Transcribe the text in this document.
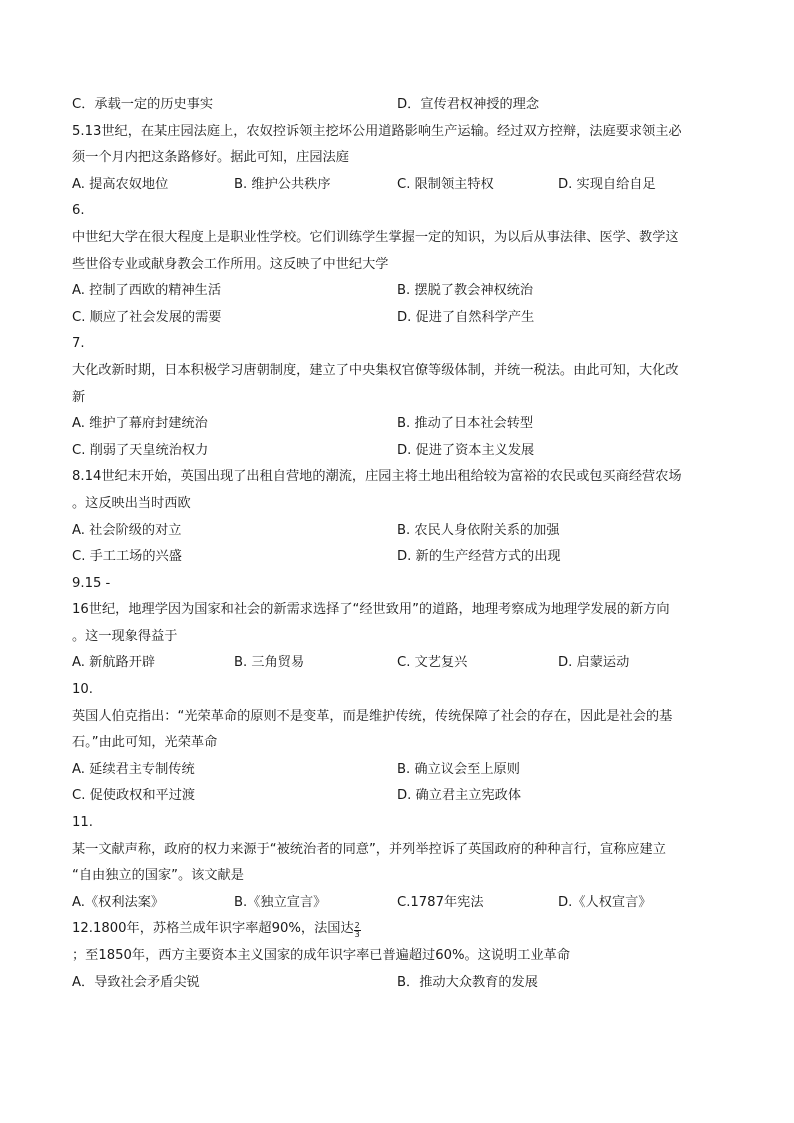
C．承载一定的历史事实	D．宣传君权神授的理念
5.13世纪，在某庄园法庭上，农奴控诉领主挖坏公用道路影响生产运输。经过双方控辩，法庭要求领主必
须一个月内把这条路修好。据此可知，庄园法庭
A. 提高农奴地位	B. 维护公共秩序	C. 限制领主特权	D. 实现自给自足
6.
中世纪大学在很大程度上是职业性学校。它们训练学生掌握一定的知识，为以后从事法律、医学、教学这
些世俗专业或献身教会工作所用。这反映了中世纪大学
A. 控制了西欧的精神生活	B. 摆脱了教会神权统治
C. 顺应了社会发展的需要	D. 促进了自然科学产生
7.
大化改新时期，日本积极学习唐朝制度，建立了中央集权官僚等级体制，并统一税法。由此可知，大化改
新
A. 维护了幕府封建统治	B. 推动了日本社会转型
C. 削弱了天皇统治权力	D. 促进了资本主义发展
8.14世纪末开始，英国出现了出租自营地的潮流，庄园主将土地出租给较为富裕的农民或包买商经营农场
。这反映出当时西欧
A. 社会阶级的对立	B. 农民人身依附关系的加强
C. 手工工场的兴盛	D. 新的生产经营方式的出现
9.15 -
16世纪，地理学因为国家和社会的新需求选择了“经世致用”的道路，地理考察成为地理学发展的新方向
。这一现象得益于
A. 新航路开辟	B. 三角贸易	C. 文艺复兴	D. 启蒙运动
10.
英国人伯克指出：“光荣革命的原则不是变革，而是维护传统，传统保障了社会的存在，因此是社会的基
石。”由此可知，光荣革命
A. 延续君主专制传统	B. 确立议会至上原则
C. 促使政权和平过渡	D. 确立君主立宪政体
11.
某一文献声称，政府的权力来源于“被统治者的同意”，并列举控诉了英国政府的种种言行，宣称应建立
“自由独立的国家”。该文献是
A.《权利法案》	B.《独立宣言》	C.1787年宪法	D.《人权宣言》
12.1800年，苏格兰成年识字率超90%，法国达 $\frac{2}{3}$
；至1850年，西方主要资本主义国家的成年识字率已普遍超过60%。这说明工业革命
A．导致社会矛盾尖锐	B．推动大众教育的发展
